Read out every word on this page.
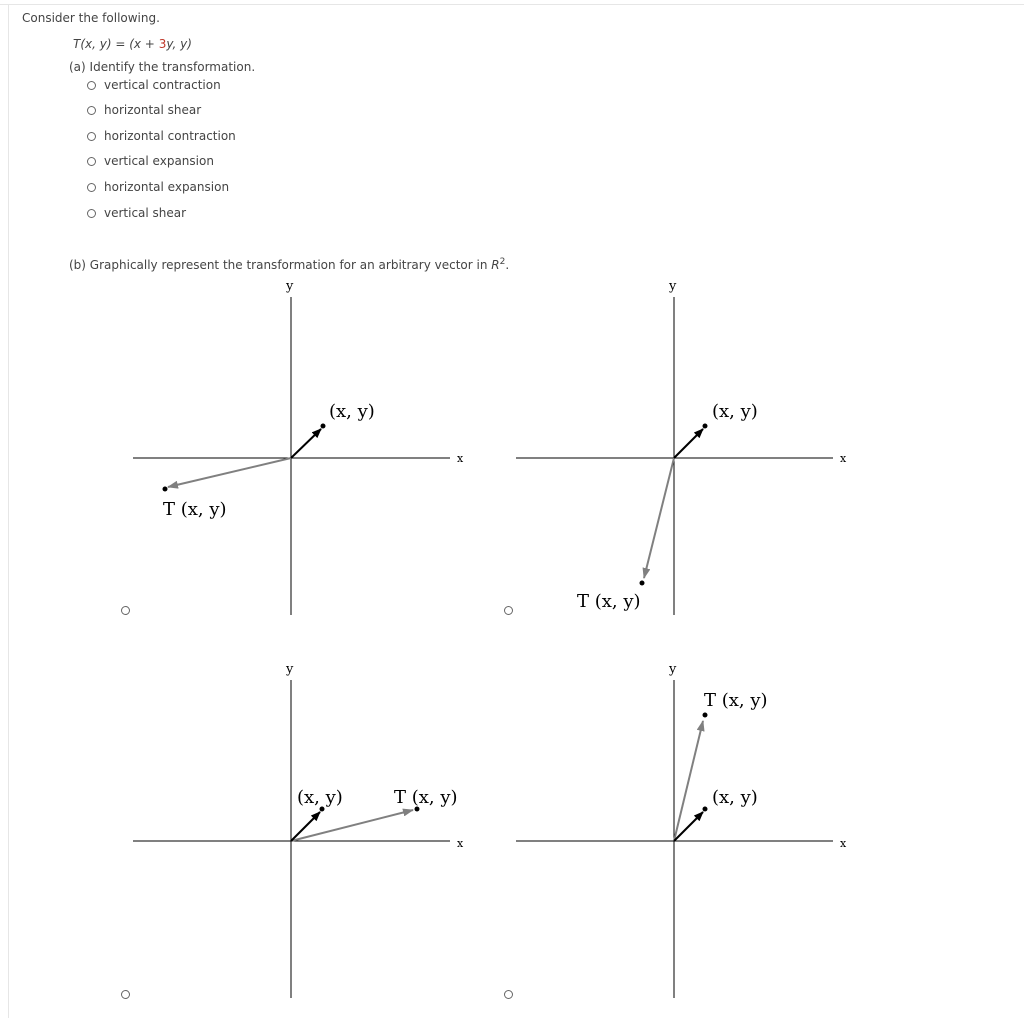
Consider the following.
T(x, y) = (x + 3y, y)
(a) Identify the transformation.
vertical contraction
horizontal shear
horizontal contraction
vertical expansion
horizontal expansion
vertical shear
(b) Graphically represent the transformation for an arbitrary vector in $R^2$.
x
y
(x, y)
T (x, y)
x
y
(x, y)
T (x, y)
x
y
(x, y)	T (x, y)
x
y
(x, y)
T (x, y)
